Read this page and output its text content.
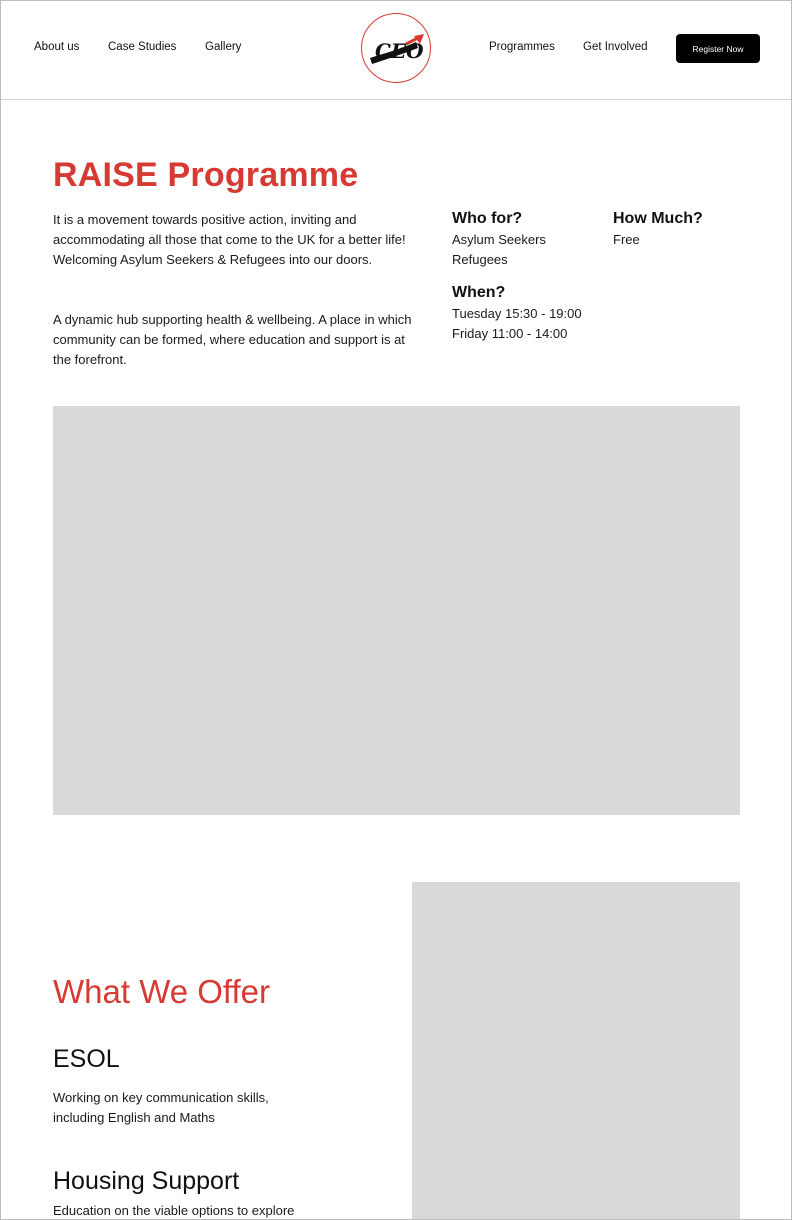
About us Case Studies Gallery	CEO	Programmes Get Involved	Register Now
RAISE Programme

It is a movement towards positive action, inviting and accommodating all those that come to the UK for a better life! Welcoming Asylum Seekers & Refugees into our doors.

A dynamic hub supporting health & wellbeing. A place in which community can be formed, where education and support is at the forefront.

Who for?
Asylum Seekers
Refugees
How Much?
Free
When?
Tuesday 15:30 - 19:00
Friday 11:00 - 14:00
What We Offer
ESOL

Working on key communication skills, including English and Maths

Housing Support

Education on the viable options to explore
